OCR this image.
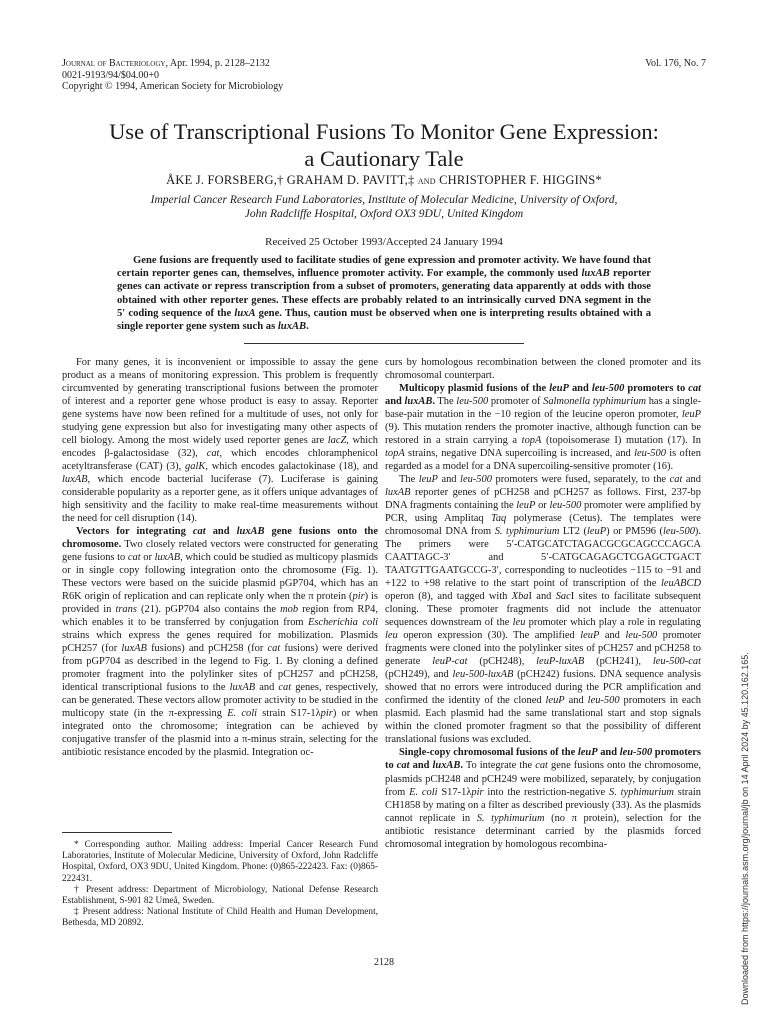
Journal of Bacteriology, Apr. 1994, p. 2128–2132
0021-9193/94/$04.00+0
Copyright © 1994, American Society for Microbiology
Vol. 176, No. 7
Use of Transcriptional Fusions To Monitor Gene Expression:
a Cautionary Tale
ÅKE J. FORSBERG,† GRAHAM D. PAVITT,‡ and CHRISTOPHER F. HIGGINS*
Imperial Cancer Research Fund Laboratories, Institute of Molecular Medicine, University of Oxford,
John Radcliffe Hospital, Oxford OX3 9DU, United Kingdom
Received 25 October 1993/Accepted 24 January 1994
Gene fusions are frequently used to facilitate studies of gene expression and promoter activity. We have found that certain reporter genes can, themselves, influence promoter activity. For example, the commonly used luxAB reporter genes can activate or repress transcription from a subset of promoters, generating data apparently at odds with those obtained with other reporter genes. These effects are probably related to an intrinsically curved DNA segment in the 5′ coding sequence of the luxA gene. Thus, caution must be observed when one is interpreting results obtained with a single reporter gene system such as luxAB.

For many genes, it is inconvenient or impossible to assay the gene product as a means of monitoring expression. This problem is frequently circumvented by generating transcriptional fusions between the promoter of interest and a reporter gene whose product is easy to assay. Reporter gene systems have now been refined for a multitude of uses, not only for studying gene expression but also for investigating many other aspects of cell biology. Among the most widely used reporter genes are lacZ, which encodes β-galactosidase (32), cat, which encodes chloramphenicol acetyltransferase (CAT) (3), galK, which encodes galactokinase (18), and luxAB, which encode bacterial luciferase (7). Luciferase is gaining considerable popularity as a reporter gene, as it offers unique advantages of high sensitivity and the facility to make real-time measurements without the need for cell disruption (14).

Vectors for integrating cat and luxAB gene fusions onto the chromosome. Two closely related vectors were constructed for generating gene fusions to cat or luxAB, which could be studied as multicopy plasmids or in single copy following integration onto the chromosome (Fig. 1). These vectors were based on the suicide plasmid pGP704, which has an R6K origin of replication and can replicate only when the π protein (pir) is provided in trans (21). pGP704 also contains the mob region from RP4, which enables it to be transferred by conjugation from Escherichia coli strains which express the genes required for mobilization. Plasmids pCH257 (for luxAB fusions) and pCH258 (for cat fusions) were derived from pGP704 as described in the legend to Fig. 1. By cloning a defined promoter fragment into the polylinker sites of pCH257 and pCH258, identical transcriptional fusions to the luxAB and cat genes, respectively, can be generated. These vectors allow promoter activity to be studied in the multicopy state (in the π-expressing E. coli strain S17-1λpir) or when integrated onto the chromosome; integration can be achieved by conjugative transfer of the plasmid into a π-minus strain, selecting for the antibiotic resistance encoded by the plasmid. Integration oc-

* Corresponding author. Mailing address: Imperial Cancer Research Fund Laboratories, Institute of Molecular Medicine, University of Oxford, John Radcliffe Hospital, Oxford, OX3 9DU, United Kingdom. Phone: (0)865-222423. Fax: (0)865-222431.

† Present address: Department of Microbiology, National Defense Research Establishment, S-901 82 Umeå, Sweden.

‡ Present address: National Institute of Child Health and Human Development, Bethesda, MD 20892.

curs by homologous recombination between the cloned promoter and its chromosomal counterpart.

Multicopy plasmid fusions of the leuP and leu-500 promoters to cat and luxAB. The leu-500 promoter of Salmonella typhimurium has a single-base-pair mutation in the −10 region of the leucine operon promoter, leuP (9). This mutation renders the promoter inactive, although function can be restored in a strain carrying a topA (topoisomerase I) mutation (17). In topA strains, negative DNA supercoiling is increased, and leu-500 is often regarded as a model for a DNA supercoiling-sensitive promoter (16).

The leuP and leu-500 promoters were fused, separately, to the cat and luxAB reporter genes of pCH258 and pCH257 as follows. First, 237-bp DNA fragments containing the leuP or leu-500 promoter were amplified by PCR, using Amplitaq Taq polymerase (Cetus). The templates were chromosomal DNA from S. typhimurium LT2 (leuP) or PM596 (leu-500). The primers were 5′-CATGCATCTAGACGCGCAGCCCAGCA CAATTAGC-3′ and 5′-CATGCAGAGCTCGAGCTGACT TAATGTTGAATGCCG-3′, corresponding to nucleotides −115 to −91 and +122 to +98 relative to the start point of transcription of the leuABCD operon (8), and tagged with XbaI and SacI sites to facilitate subsequent cloning. These promoter fragments did not include the attenuator sequences downstream of the leu promoter which play a role in regulating leu operon expression (30). The amplified leuP and leu-500 promoter fragments were cloned into the polylinker sites of pCH257 and pCH258 to generate leuP-cat (pCH248), leuP-luxAB (pCH241), leu-500-cat (pCH249), and leu-500-luxAB (pCH242) fusions. DNA sequence analysis showed that no errors were introduced during the PCR amplification and confirmed the identity of the cloned leuP and leu-500 promoters in each plasmid. Each plasmid had the same translational start and stop signals within the cloned promoter fragment so that the possibility of different translational fusions was excluded.

Single-copy chromosomal fusions of the leuP and leu-500 promoters to cat and luxAB. To integrate the cat gene fusions onto the chromosome, plasmids pCH248 and pCH249 were mobilized, separately, by conjugation from E. coli S17-1λpir into the restriction-negative S. typhimurium strain CH1858 by mating on a filter as described previously (33). As the plasmids cannot replicate in S. typhimurium (no π protein), selection for the antibiotic resistance determinant carried by the plasmids forced chromosomal integration by homologous recombina-

2128	Downloaded from https://journals.asm.org/journal/jb on 14 April 2024 by 45.120.162.165.
